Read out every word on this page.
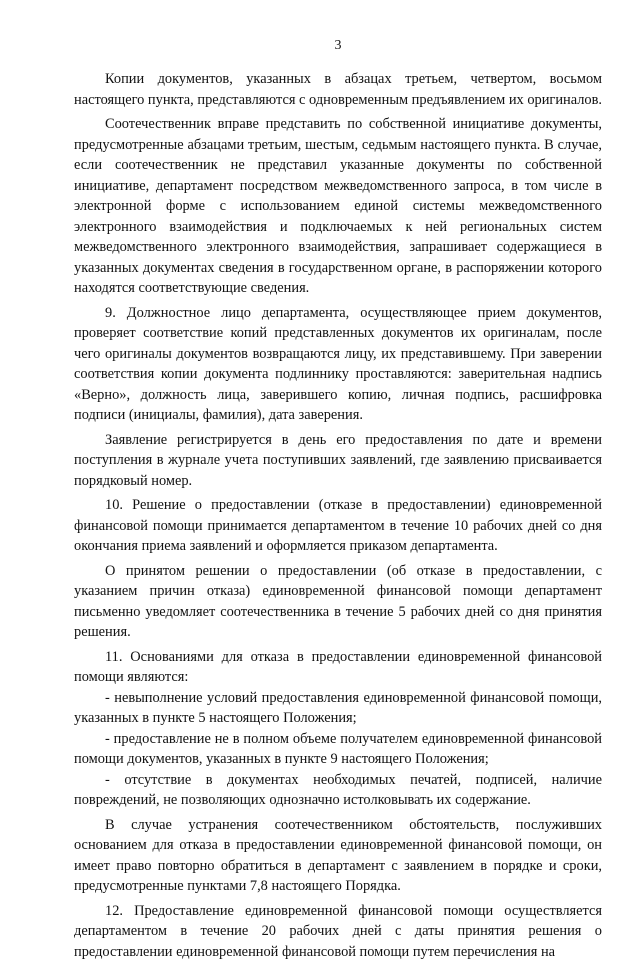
3

Копии документов, указанных в абзацах третьем, четвертом, восьмом настоящего пункта, представляются с одновременным предъявлением их оригиналов.

Соотечественник вправе представить по собственной инициативе документы, предусмотренные абзацами третьим, шестым, седьмым настоящего пункта. В случае, если соотечественник не представил указанные документы по собственной инициативе, департамент посредством межведомственного запроса, в том числе в электронной форме с использованием единой системы межведомственного электронного взаимодействия и подключаемых к ней региональных систем межведомственного электронного взаимодействия, запрашивает содержащиеся в указанных документах сведения в государственном органе, в распоряжении которого находятся соответствующие сведения.

9. Должностное лицо департамента, осуществляющее прием документов, проверяет соответствие копий представленных документов их оригиналам, после чего оригиналы документов возвращаются лицу, их представившему. При заверении соответствия копии документа подлиннику проставляются: заверительная надпись «Верно», должность лица, заверившего копию, личная подпись, расшифровка подписи (инициалы, фамилия), дата заверения.

Заявление регистрируется в день его предоставления по дате и времени поступления в журнале учета поступивших заявлений, где заявлению присваивается порядковый номер.

10. Решение о предоставлении (отказе в предоставлении) единовременной финансовой помощи принимается департаментом в течение 10 рабочих дней со дня окончания приема заявлений и оформляется приказом департамента.

О принятом решении о предоставлении (об отказе в предоставлении, с указанием причин отказа) единовременной финансовой помощи департамент письменно уведомляет соотечественника в течение 5 рабочих дней со дня принятия решения.

11. Основаниями для отказа в предоставлении единовременной финансовой помощи являются:

- невыполнение условий предоставления единовременной финансовой помощи, указанных в пункте 5 настоящего Положения;

- предоставление не в полном объеме получателем единовременной финансовой помощи документов, указанных в пункте 9 настоящего Положения;

- отсутствие в документах необходимых печатей, подписей, наличие повреждений, не позволяющих однозначно истолковывать их содержание.

В случае устранения соотечественником обстоятельств, послуживших основанием для отказа в предоставлении единовременной финансовой помощи, он имеет право повторно обратиться в департамент с заявлением в порядке и сроки, предусмотренные пунктами 7,8 настоящего Порядка.

12. Предоставление единовременной финансовой помощи осуществляется департаментом в течение 20 рабочих дней с даты принятия решения о предоставлении единовременной финансовой помощи путем перечисления на
